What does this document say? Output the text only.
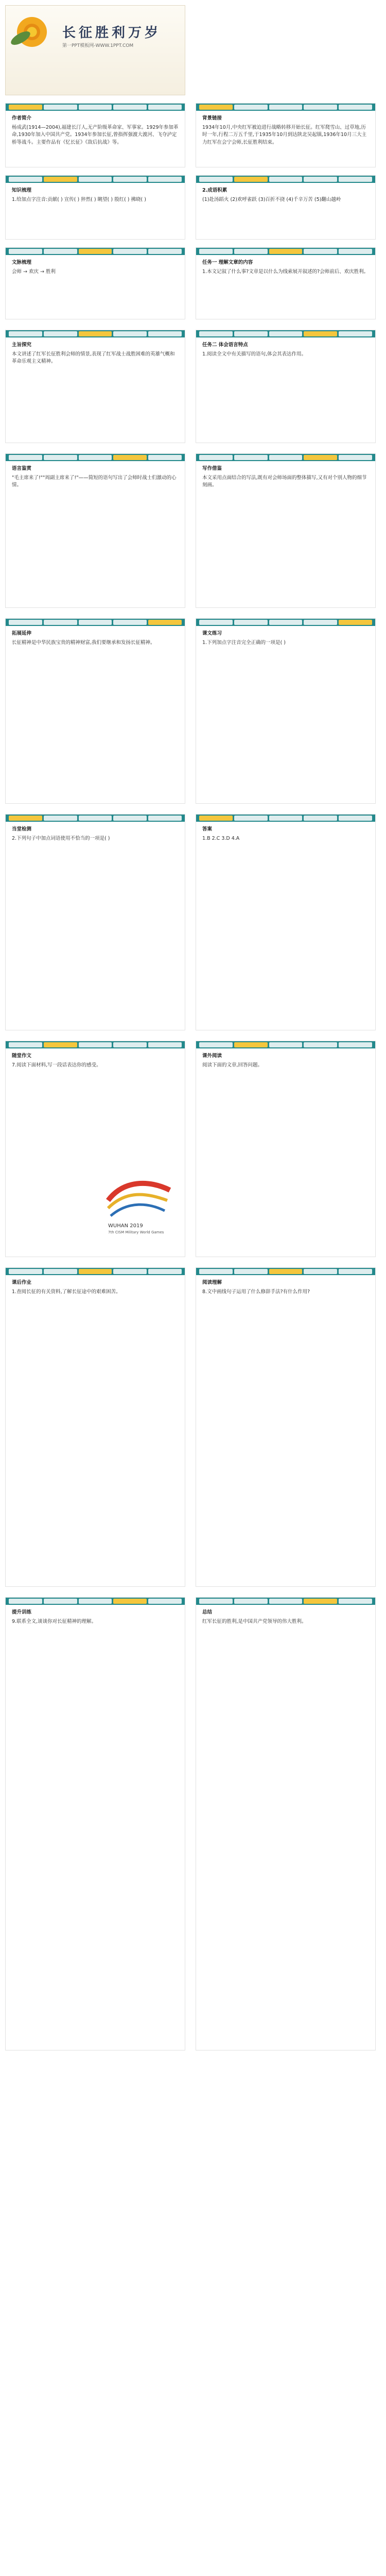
长征胜利万岁
第一PPT模板网-WWW.1PPT.COM
作者简介
杨成武(1914—2004),福建长汀人,无产阶级革命家、军事家。1929年参加革命,1930年加入中国共产党。1934年参加长征,曾指挥强渡大渡河、飞夺泸定桥等战斗。主要作品有《忆长征》《敌后抗战》等。
背景链接
1934年10月,中央红军被迫进行战略转移开始长征。红军爬雪山、过草地,历时一年,行程二万五千里,于1935年10月到达陕北吴起镇,1936年10月三大主力红军在会宁会师,长征胜利结束。
知识梳理
1.给加点字注音:贡献( ) 宣传( ) 猝然( ) 眺望( ) 殷红( ) 拂晓( )
2.成语积累
(1)赴汤蹈火 (2)欢呼雀跃 (3)百折不挠 (4)千辛万苦 (5)翻山越岭
文脉梳理
会师 → 欢庆 → 胜利
任务一 理解文章的内容
1.本文记叙了什么事?文章是以什么为线索展开叙述的?会师前后、欢庆胜利。
主旨探究
本文讲述了红军长征胜利会师的情景,表现了红军战士战胜困难的英雄气概和革命乐观主义精神。
任务二 体会语言特点
1.阅读全文中有关描写的语句,体会其表达作用。
语言鉴赏
"毛主席来了!""周副主席来了!"——简短的语句写出了会师时战士们激动的心情。
写作借鉴
本文采用点面结合的写法,既有对会师场面的整体描写,又有对个别人物的细节刻画。
拓展延伸
长征精神是中华民族宝贵的精神财富,我们要继承和发扬长征精神。
课文练习
1.下列加点字注音完全正确的一项是( )
当堂检测
2.下列句子中加点词语使用不恰当的一项是( )
答案
1.B 2.C 3.D 4.A
随堂作文
7.阅读下面材料,写一段话表达你的感受。
课外阅读
阅读下面的文章,回答问题。
课后作业
1.查阅长征的有关资料,了解长征途中的艰难困苦。
阅读理解
8.文中画线句子运用了什么修辞手法?有什么作用?
提升训练
9.联系全文,谈谈你对长征精神的理解。
总结
红军长征的胜利,是中国共产党领导的伟大胜利。
WUHAN 2019
7th CISM Military World Games
